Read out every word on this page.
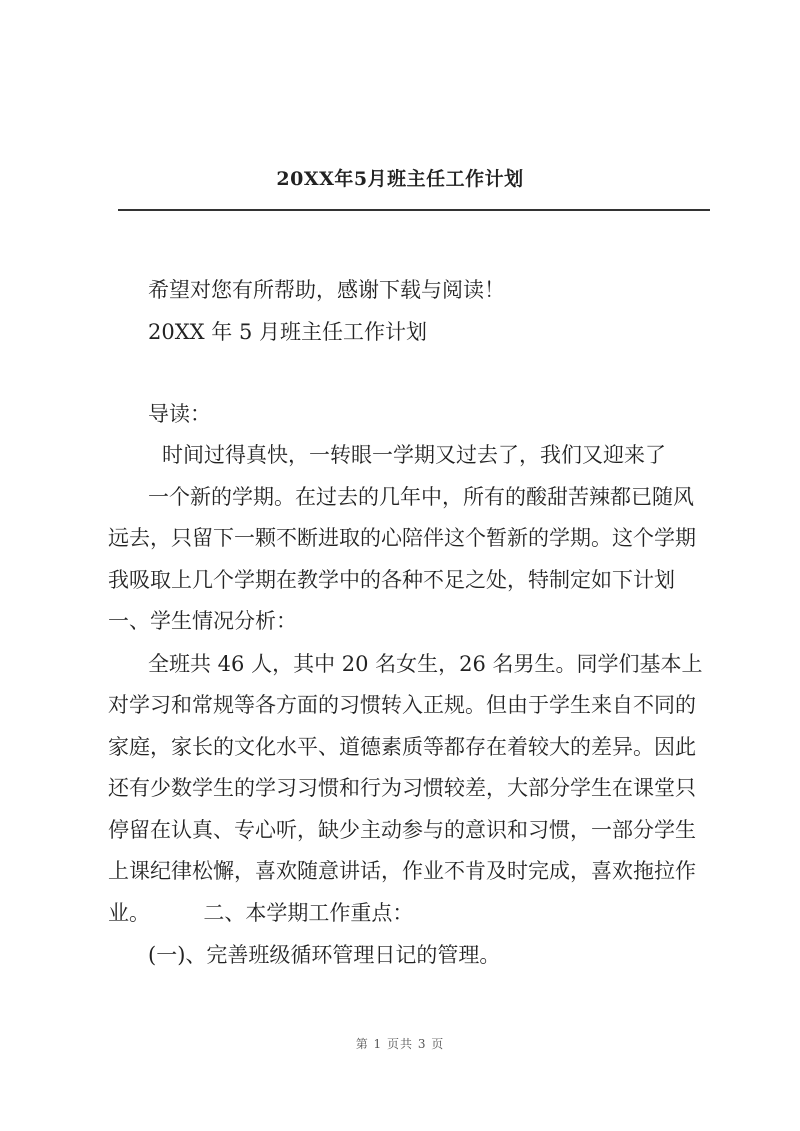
20XX年5月班主任工作计划
希望对您有所帮助，感谢下载与阅读！
20XX 年 5 月班主任工作计划
导读：
时间过得真快，一转眼一学期又过去了，我们又迎来了
一个新的学期。在过去的几年中，所有的酸甜苦辣都已随风
远去，只留下一颗不断进取的心陪伴这个暂新的学期。这个学期
我吸取上几个学期在教学中的各种不足之处，特制定如下计划
一、学生情况分析：
全班共 46 人，其中 20 名女生，26 名男生。同学们基本上
对学习和常规等各方面的习惯转入正规。但由于学生来自不同的
家庭，家长的文化水平、道德素质等都存在着较大的差异。因此
还有少数学生的学习习惯和行为习惯较差，大部分学生在课堂只
停留在认真、专心听，缺少主动参与的意识和习惯，一部分学生
上课纪律松懈，喜欢随意讲话，作业不肯及时完成，喜欢拖拉作
业。        二、本学期工作重点：
(一)、完善班级循环管理日记的管理。
第 1 页共 3 页
